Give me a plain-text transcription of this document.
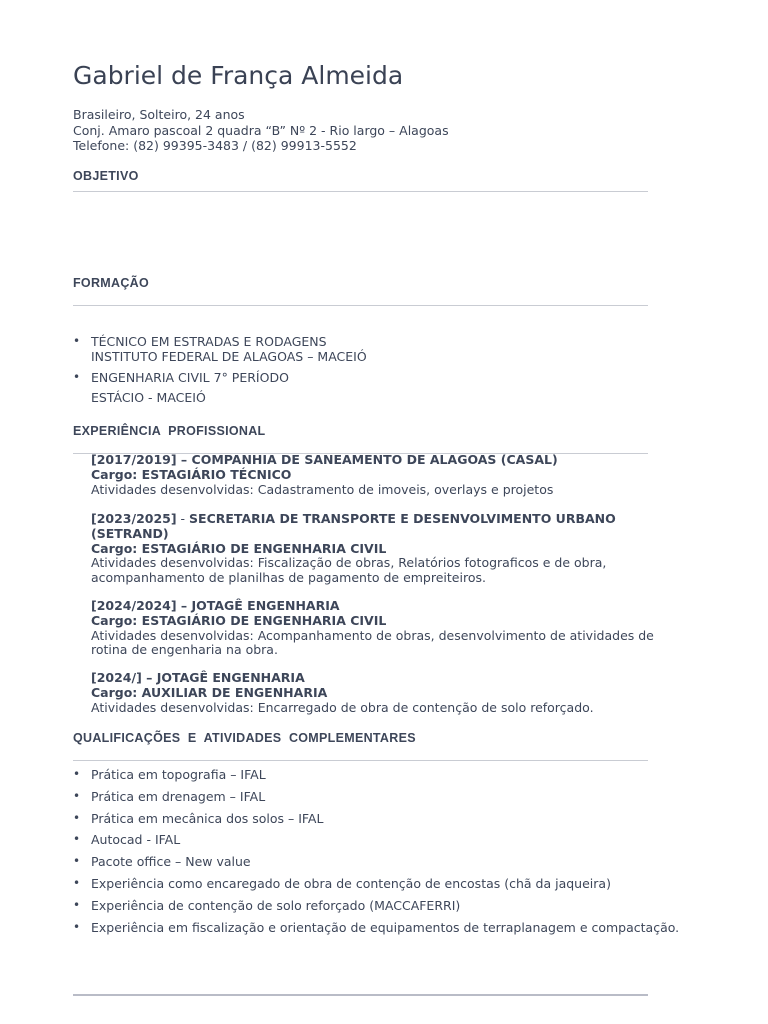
Gabriel de França Almeida
Brasileiro, Solteiro, 24 anos
Conj. Amaro pascoal 2 quadra “B” Nº 2 - Rio largo – Alagoas
Telefone: (82) 99395-3483 / (82) 99913-5552
OBJETIVO
FORMAÇÃO
• TÉCNICO EM ESTRADAS E RODAGENS
INSTITUTO FEDERAL DE ALAGOAS – MACEIÓ
• ENGENHARIA CIVIL 7° PERÍODO
ESTÁCIO - MACEIÓ
EXPERIÊNCIA  PROFISSIONAL
[2017/2019] – COMPANHIA DE SANEAMENTO DE ALAGOAS (CASAL)
Cargo: ESTAGIÁRIO TÉCNICO
Atividades desenvolvidas: Cadastramento de imoveis, overlays e projetos
[2023/2025] - SECRETARIA DE TRANSPORTE E DESENVOLVIMENTO URBANO (SETRAND)
Cargo: ESTAGIÁRIO DE ENGENHARIA CIVIL
Atividades desenvolvidas: Fiscalização de obras, Relatórios fotograficos e de obra, acompanhamento de planilhas de pagamento de empreiteiros.
[2024/2024] – JOTAGÊ ENGENHARIA
Cargo: ESTAGIÁRIO DE ENGENHARIA CIVIL
Atividades desenvolvidas: Acompanhamento de obras, desenvolvimento de atividades de rotina de engenharia na obra.
[2024/] – JOTAGÊ ENGENHARIA
Cargo: AUXILIAR DE ENGENHARIA
Atividades desenvolvidas: Encarregado de obra de contenção de solo reforçado.
QUALIFICAÇÕES  E  ATIVIDADES  COMPLEMENTARES
• Prática em topografia – IFAL
• Prática em drenagem – IFAL
• Prática em mecânica dos solos – IFAL
• Autocad - IFAL
• Pacote office – New value
• Experiência como encaregado de obra de contenção de encostas (chã da jaqueira)
• Experiência de contenção de solo reforçado (MACCAFERRI)
• Experiência em fiscalização e orientação de equipamentos de terraplanagem e compactação.
